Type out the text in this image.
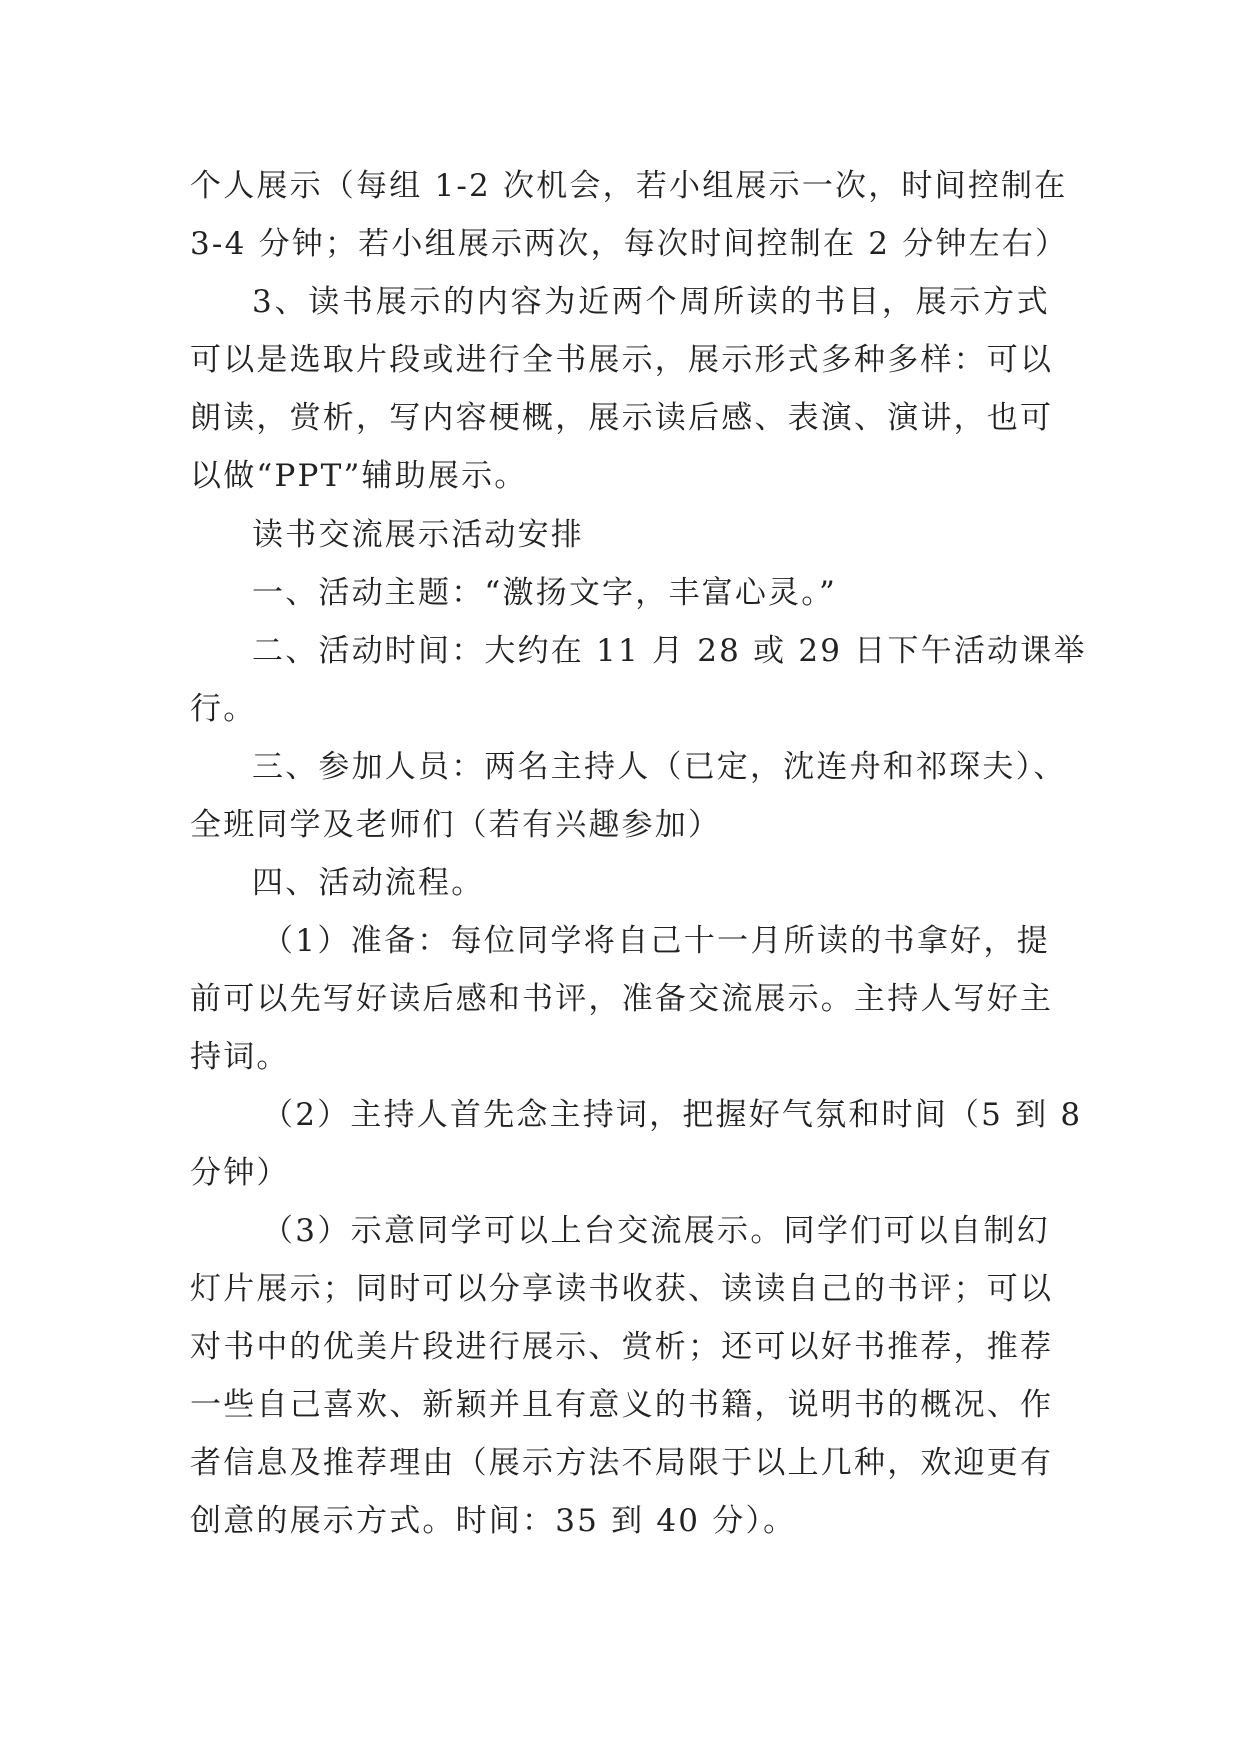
个人展示（每组 1-2 次机会，若小组展示一次，时间控制在
3-4 分钟；若小组展示两次，每次时间控制在 2 分钟左右）
3、读书展示的内容为近两个周所读的书目，展示方式
可以是选取片段或进行全书展示，展示形式多种多样：可以
朗读，赏析，写内容梗概，展示读后感、表演、演讲，也可
以做“PPT”辅助展示。
读书交流展示活动安排
一、活动主题：“激扬文字，丰富心灵。”
二、活动时间：大约在 11 月 28 或 29 日下午活动课举
行。
三、参加人员：两名主持人（已定，沈连舟和祁琛夫）、
全班同学及老师们（若有兴趣参加）
四、活动流程。
（1）准备：每位同学将自己十一月所读的书拿好，提
前可以先写好读后感和书评，准备交流展示。主持人写好主
持词。
（2）主持人首先念主持词，把握好气氛和时间（5 到 8
分钟）
（3）示意同学可以上台交流展示。同学们可以自制幻
灯片展示；同时可以分享读书收获、读读自己的书评；可以
对书中的优美片段进行展示、赏析；还可以好书推荐，推荐
一些自己喜欢、新颖并且有意义的书籍，说明书的概况、作
者信息及推荐理由（展示方法不局限于以上几种，欢迎更有
创意的展示方式。时间：35 到 40 分）。
